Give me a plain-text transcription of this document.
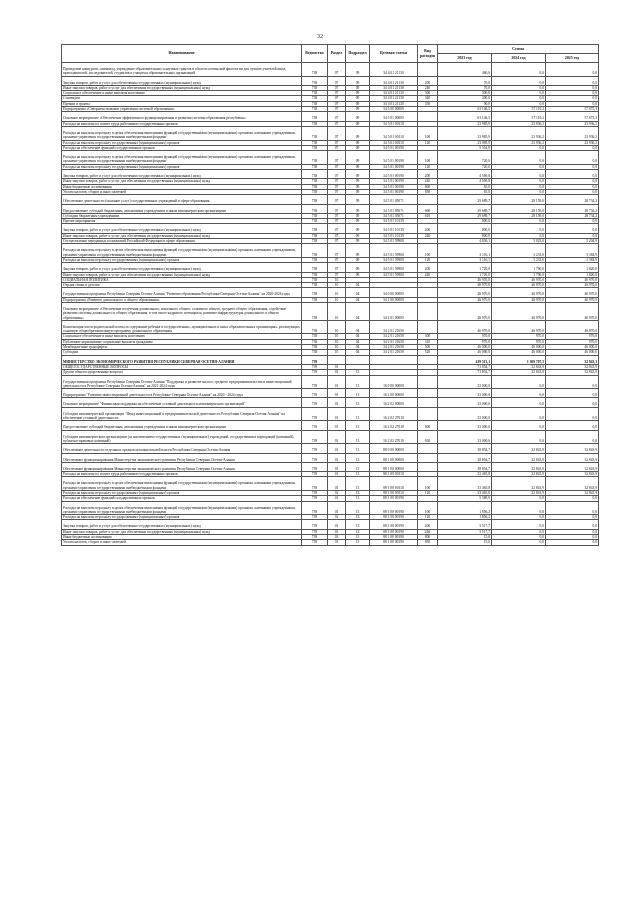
32
Наименование	Ведомство	Раздел	Подраздел	Целевая статья	Вид расходов	Сумма		
						2023 год	2024 год	2025 год
Проведение конкурсов, олимпиад, учреждение образовательных и научных грантов в области осетинской филологии для лучших учителей школ, преподавателей, исследователей, студентов и учащихся образовательных организаций	738	07	09	34 4 01 21130		460,0	0,0	0,0
Закупка товаров, работ и услуг для обеспечения государственных (муниципальных) нужд	738	07	09	34 4 01 21130	200	70,0	0,0	0,0
Иные закупки товаров, работ и услуг для обеспечения государственных (муниципальных) нужд	738	07	09	34 4 01 21130	240	70,0	0,0	0,0
Социальное обеспечение и иные выплаты населению	738	07	09	34 4 01 21130	300	300,0	0,0	0,0
Стипендии	738	07	09	34 4 01 21130	340	300,0	0,0	0,0
Премии и гранты	738	07	09	34 4 01 21130	350	90,0	0,0	0,0
Подпрограмма «Совершенствование управления системой образования»	738	07	09	34 5 00 00000		63 146,5	57 119,2	57 875,3
Основное мероприятие «Обеспечение эффективного функционирования и развития системы образования республики»	738	07	09	34 5 01 00000		63 146,5	57 119,2	57 875,3
Расходы на выплаты по оплате труда работников государственных органов	738	07	09	34 5 01 00110		23 985,9	23 936,2	23 936,2
Расходы на выплаты персоналу в целях обеспечения выполнения функций государственными (муниципальными) органами, казенными учреждениями, органами управления государственными внебюджетными фондами	738	07	09	34 5 01 00110	100	23 985,9	23 936,2	23 936,2
Расходы на выплаты персоналу государственных (муниципальных) органов	738	07	09	34 5 01 00110	120	23 985,9	23 936,2	23 936,2
Расходы на обеспечение функций государственных органов	738	07	09	34 5 01 00190		5 354,8	0,0	0,0
Расходы на выплаты персоналу в целях обеспечения выполнения функций государственными (муниципальными) органами, казенными учреждениями, органами управления государственными внебюджетными фондами	738	07	09	34 5 01 00190	100	720,0	0,0	0,0
Расходы на выплаты персоналу государственных (муниципальных) органов	738	07	09	34 5 01 00190	120	720,0	0,0	0,0
Закупка товаров, работ и услуг для обеспечения государственных (муниципальных) нужд	738	07	09	34 5 01 00190	200	4 569,8	0,0	0,0
Иные закупки товаров, работ и услуг для обеспечения государственных (муниципальных) нужд	738	07	09	34 5 01 00190	240	4 569,8	0,0	0,0
Иные бюджетные ассигнования	738	07	09	34 5 01 00190	800	65,0	0,0	0,0
Уплата налогов, сборов и иных платежей	738	07	09	34 5 01 00190	850	65,0	0,0	0,0
Обеспечение деятельности (оказание услуг) государственных учреждений в сфере образования	738	07	09	34 5 01 05071		29 689,7	28 159,0	28 734,2
Предоставление субсидий бюджетным, автономным учреждениям и иным некоммерческим организациям	738	07	09	34 5 01 05071	600	29 689,7	28 159,0	28 734,2
Субсидии бюджетным учреждениям	738	07	09	34 5 01 05071	610	29 689,7	28 159,0	28 734,2
Прочие мероприятия	738	07	09	34 5 01 10139		800,0	0,0	0,0
Закупка товаров, работ и услуг для обеспечения государственных (муниципальных) нужд	738	07	09	34 5 01 10139	200	800,0	0,0	0,0
Иные закупки товаров, работ и услуг для обеспечения государственных (муниципальных) нужд	738	07	09	34 5 01 10139	240	800,0	0,0	0,0
Осуществление переданных полномочий Российской Федерации в сфере образования	738	07	09	34 5 01 59900		4 836,1	5 023,0	5 204,9
Расходы на выплаты персоналу в целях обеспечения выполнения функций государственными (муниципальными) органами, казенными учреждениями, органами управления государственными внебюджетными фондами	738	07	09	34 5 01 59900	100	3 116,1	3 233,0	3 384,9
Расходы на выплаты персоналу государственных (муниципальных) органов	738	07	09	34 5 01 59900	120	3 116,1	3 233,0	3 384,9
Закупка товаров, работ и услуг для обеспечения государственных (муниципальных) нужд	738	07	09	34 5 01 59900	200	1 720,0	1 790,0	1 820,0
Иные закупки товаров, работ и услуг для обеспечения государственных (муниципальных) нужд	738	07	09	34 5 01 59900	240	1 720,0	1 790,0	1 820,0
СОЦИАЛЬНАЯ ПОЛИТИКА	738	10				46 970,0	46 970,0	46 970,0
Охрана семьи и детства	738	10	04			46 970,0	46 970,0	46 970,0
Государственная программа Республики Северная Осетия-Алания "Развитие образования Республики Северная Осетия-Алания" на 2020-2026 годы	738	10	04	34 0 00 00000		46 970,0	46 970,0	46 970,0
Подпрограмма «Развитие дошкольного и общего образования»	738	10	04	34 2 00 00000		46 970,0	46 970,0	46 970,0
Основное мероприятие «Обеспечение получения дошкольного, начального общего, основного общего, среднего общего образования, содействие развитию системы дошкольного и общего образования, в том числе кадрового потенциала, развитие инфраструктуры дошкольного и общего образования»	738	10	04	34 2 01 00000		46 970,0	46 970,0	46 970,0
Компенсация части родительской платы за содержание ребенка в государственных, муниципальных и иных образовательных организациях, реализующих основную общеобразовательную программу дошкольного образования	738	10	04	34 2 01 21650		46 970,0	46 970,0	46 970,0
Социальное обеспечение и иные выплаты населению	738	10	04	34 2 01 21650	300	970,0	970,0	970,0
Публичные нормативные социальные выплаты гражданам	738	10	04	34 2 01 21650	310	970,0	970,0	970,0
Межбюджетные трансферты	738	10	04	34 2 01 21650	500	46 000,0	46 000,0	46 000,0
Субсидии	738	10	04	34 2 01 21650	520	46 000,0	46 000,0	46 000,0
МИНИСТЕРСТВО ЭКОНОМИЧЕСКОГО РАЗВИТИЯ РЕСПУБЛИКИ СЕВЕРНАЯ ОСЕТИЯ-АЛАНИЯ	739					419 513,1	1 309 707,5	32 843,3
ОБЩЕГОСУДАРСТВЕННЫЕ ВОПРОСЫ	739	01				71 854,7	32 843,9	32 843,9
Другие общегосударственные вопросы	739	01	13			71 854,7	32 843,9	32 843,9
Государственная программа Республики Северная Осетия-Алания "Поддержка и развитие малого, среднего предпринимательства и инвестиционной деятельности в Республике Северная Осетия-Алания" на 2021-2024 годы	739	01	13	16 0 00 00000		33 000,0	0,0	0,0
Подпрограмма "Развитие инвестиционной деятельности в Республике Северная Осетия-Алания" на 2020 - 2024 годы	739	01	13	16 2 00 00000		33 000,0	0,0	0,0
Основное мероприятие "Финансовая поддержка на обеспечение уставной деятельности некоммерческих организаций"	739	01	13	16 2 02 00000		33 000,0	0,0	0,0
Субсидии некоммерческой организации "Фонд инвестиционной и предпринимательской деятельности Республики Северная Осетия-Алания" на обеспечение уставной деятельности	739	01	13	16 2 02 27010		33 000,0	0,0	0,0
Предоставление субсидий бюджетным, автономным учреждениям и иным некоммерческим организациям	739	01	13	16 2 02 27010	600	33 000,0	0,0	0,0
Субсидии некоммерческим организациям (за исключением государственных (муниципальных) учреждений, государственных корпораций (компаний), публично-правовых компаний)	739	01	13	16 2 02 27010	630	33 000,0	0,0	0,0
Обеспечение деятельности отдельных органов исполнительной власти Республики Северная Осетия-Алания	739	01	13	88 0 00 00000		38 854,7	32 843,9	32 843,9
Обеспечение функционирования Министерства экономического развития Республики Северная Осетия-Алания	739	01	13	88 1 00 00000		38 854,7	32 843,9	32 843,9
Обеспечение функционирования Министерства экономического развития Республики Северная Осетия-Алания	739	01	13	88 1 00 00000		38 854,7	32 843,9	32 843,9
Расходы на выплаты по оплате труда работников государственных органов	739	01	13	88 1 00 00110		33 465,8	32 843,9	32 843,9
Расходы на выплаты персоналу в целях обеспечения выполнения функций государственными (муниципальными) органами, казенными учреждениями, органами управления государственными внебюджетными фондами	739	01	13	88 1 00 00110	100	33 465,8	32 843,9	32 843,9
Расходы на выплаты персоналу государственных (муниципальных) органов	739	01	13	88 1 00 00110	120	33 465,8	32 843,9	32 843,9
Расходы на обеспечение функций государственных органов	739	01	13	88 1 00 00190		5 388,9	0,0	0,0
Расходы на выплаты персоналу в целях обеспечения выполнения функций государственными (муниципальными) органами, казенными учреждениями, органами управления государственными внебюджетными фондами	739	01	13	88 1 00 00190	100	1 856,2	0,0	0,0
Расходы на выплаты персоналу государственных (муниципальных) органов	739	01	13	88 1 00 00190	120	1 856,2	0,0	0,0
Закупка товаров, работ и услуг для обеспечения государственных (муниципальных) нужд	739	01	13	88 1 00 00190	200	3 517,7	0,0	0,0
Иные закупки товаров, работ и услуг для обеспечения государственных (муниципальных) нужд	739	01	13	88 1 00 00190	240	3 517,7	0,0	0,0
Иные бюджетные ассигнования	739	01	13	88 1 00 00190	800	15,0	0,0	0,0
Уплата налогов, сборов и иных платежей	739	01	13	88 1 00 00190	850	15,0	0,0	0,0
